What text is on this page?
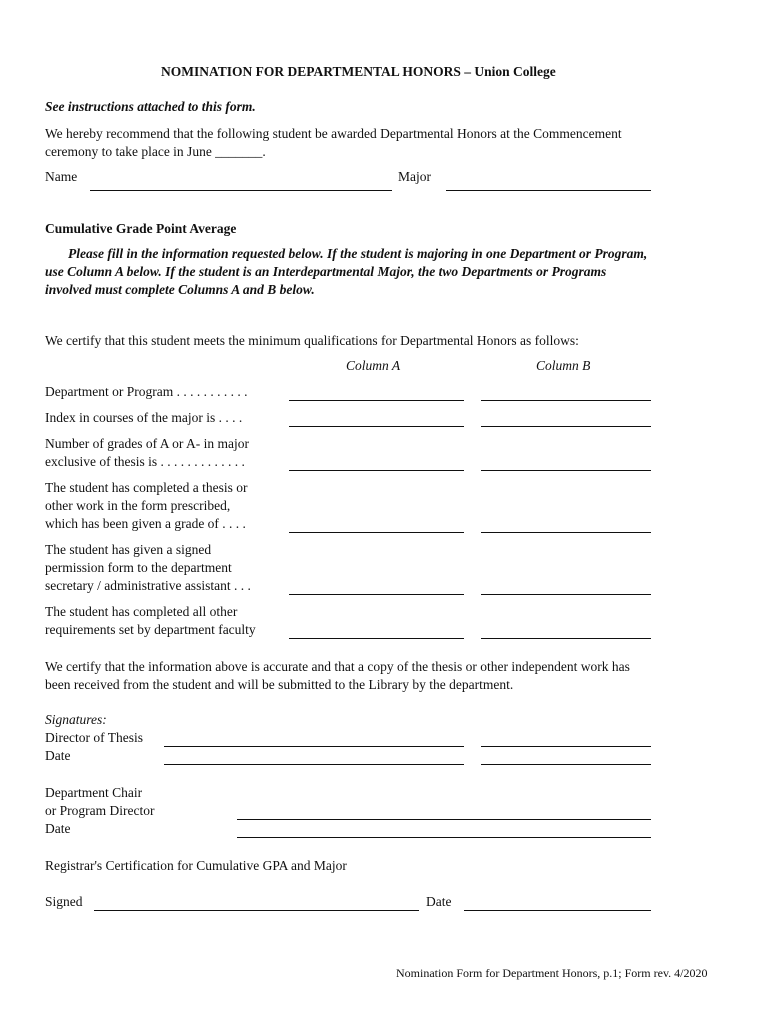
NOMINATION FOR DEPARTMENTAL HONORS – Union College
See instructions attached to this form.
We hereby recommend that the following student be awarded Departmental Honors at the Commencement
ceremony to take place in June _______.
Name	Major
Cumulative Grade Point Average
Please fill in the information requested below. If the student is majoring in one Department or Program,
use Column A below. If the student is an Interdepartmental Major, the two Departments or Programs
involved must complete Columns A and B below.
We certify that this student meets the minimum qualifications for Departmental Honors as follows:
Column A	Column B
Department or Program . . . . . . . . . . .
Index in courses of the major is . . . .
Number of grades of A or A- in major
exclusive of thesis is . . . . . . . . . . . . .
The student has completed a thesis or
other work in the form prescribed,
which has been given a grade of . . . .
The student has given a signed
permission form to the department
secretary / administrative assistant . . .
The student has completed all other
requirements set by department faculty
We certify that the information above is accurate and that a copy of the thesis or other independent work has
been received from the student and will be submitted to the Library by the department.
Signatures:
Director of Thesis
Date
Department Chair
or Program Director
Date
Registrar's Certification for Cumulative GPA and Major
Signed	Date
Nomination Form for Department Honors, p.1; Form rev. 4/2020
